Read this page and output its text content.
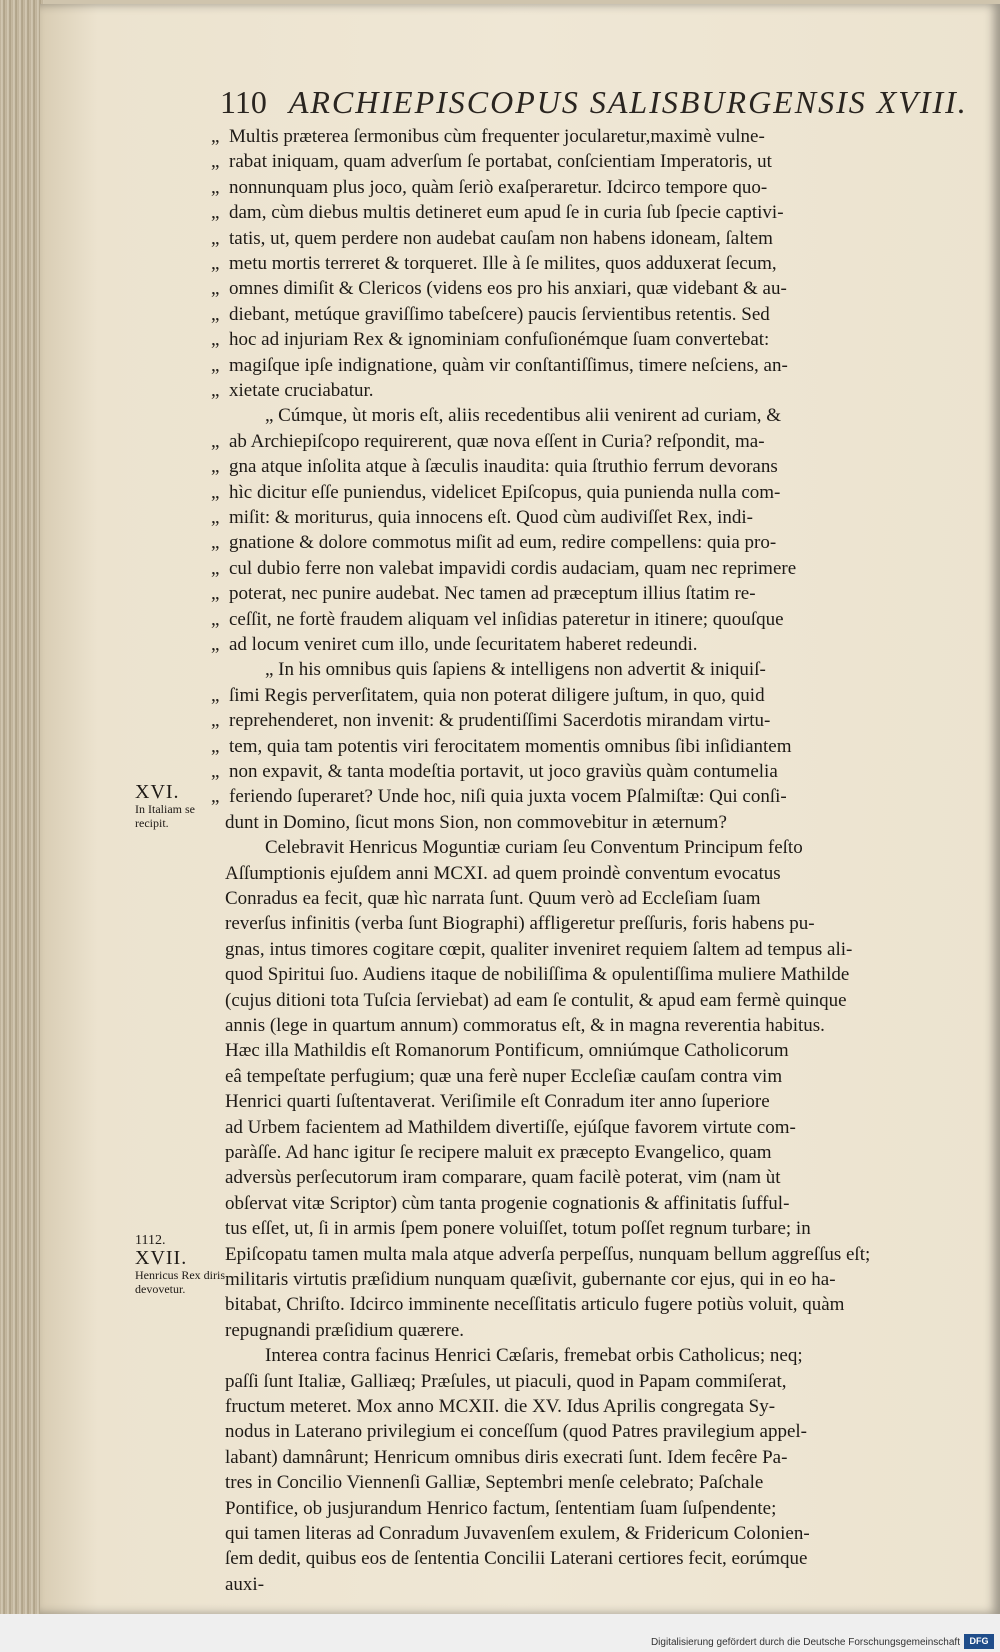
110 ARCHIEPISCOPUS SALISBURGENSIS XVIII.
XVI.
In Italiam se recipit.
1112.
XVII.
Henricus Rex diris devovetur.
„ Multis præterea ſermonibus cùm frequenter jocularetur,maximè vulne-
„ rabat iniquam, quam adverſum ſe portabat, conſcientiam Imperatoris, ut
„ nonnunquam plus joco, quàm ſeriò exaſperaretur. Idcirco tempore quo-
„ dam, cùm diebus multis detineret eum apud ſe in curia ſub ſpecie captivi-
„ tatis, ut, quem perdere non audebat cauſam non habens idoneam, ſaltem
„ metu mortis terreret & torqueret. Ille à ſe milites, quos adduxerat ſecum,
„ omnes dimiſit & Clericos (videns eos pro his anxiari, quæ videbant & au-
„ diebant, metúque graviſſimo tabeſcere) paucis ſervientibus retentis. Sed
„ hoc ad injuriam Rex & ignominiam confuſionémque ſuam convertebat:
„ magiſque ipſe indignatione, quàm vir conſtantiſſimus, timere neſciens, an-
„ xietate cruciabatur.
„ Cúmque, ùt moris eſt, aliis recedentibus alii venirent ad curiam, &
„ ab Archiepiſcopo requirerent, quæ nova eſſent in Curia? reſpondit, ma-
„ gna atque inſolita atque à ſæculis inaudita: quia ſtruthio ferrum devorans
„ hìc dicitur eſſe puniendus, videlicet Epiſcopus, quia punienda nulla com-
„ miſit: & moriturus, quia innocens eſt. Quod cùm audiviſſet Rex, indi-
„ gnatione & dolore commotus miſit ad eum, redire compellens: quia pro-
„ cul dubio ferre non valebat impavidi cordis audaciam, quam nec reprimere
„ poterat, nec punire audebat. Nec tamen ad præceptum illius ſtatim re-
„ ceſſit, ne fortè fraudem aliquam vel inſidias pateretur in itinere; quouſque
„ ad locum veniret cum illo, unde ſecuritatem haberet redeundi.
„ In his omnibus quis ſapiens & intelligens non advertit & iniquiſ-
„ ſimi Regis perverſitatem, quia non poterat diligere juſtum, in quo, quid
„ reprehenderet, non invenit: & prudentiſſimi Sacerdotis mirandam virtu-
„ tem, quia tam potentis viri ferocitatem momentis omnibus ſibi inſidiantem
„ non expavit, & tanta modeſtia portavit, ut joco graviùs quàm contumelia
„ feriendo ſuperaret? Unde hoc, niſi quia juxta vocem Pſalmiſtæ: Qui conſi-
dunt in Domino, ſicut mons Sion, non commovebitur in æternum?
Celebravit Henricus Moguntiæ curiam ſeu Conventum Principum feſto
Aſſumptionis ejuſdem anni MCXI. ad quem proindè conventum evocatus
Conradus ea fecit, quæ hìc narrata ſunt. Quum verò ad Eccleſiam ſuam
reverſus infinitis (verba ſunt Biographi) affligeretur preſſuris, foris habens pu-
gnas, intus timores cogitare cœpit, qualiter inveniret requiem ſaltem ad tempus ali-
quod Spiritui ſuo. Audiens itaque de nobiliſſima & opulentiſſima muliere Mathilde
(cujus ditioni tota Tuſcia ſerviebat) ad eam ſe contulit, & apud eam fermè quinque
annis (lege in quartum annum) commoratus eſt, & in magna reverentia habitus.
Hæc illa Mathildis eſt Romanorum Pontificum, omniúmque Catholicorum
eâ tempeſtate perfugium; quæ una ferè nuper Eccleſiæ cauſam contra vim
Henrici quarti ſuſtentaverat. Veriſimile eſt Conradum iter anno ſuperiore
ad Urbem facientem ad Mathildem divertiſſe, ejúſque favorem virtute com-
paràſſe. Ad hanc igitur ſe recipere maluit ex præcepto Evangelico, quam
adversùs perſecutorum iram comparare, quam facilè poterat, vim (nam ùt
obſervat vitæ Scriptor) cùm tanta progenie cognationis & affinitatis ſufful-
tus eſſet, ut, ſi in armis ſpem ponere voluiſſet, totum poſſet regnum turbare; in
Epiſcopatu tamen multa mala atque adverſa perpeſſus, nunquam bellum aggreſſus eſt;
militaris virtutis præſidium nunquam quæſivit, gubernante cor ejus, qui in eo ha-
bitabat, Chriſto. Idcirco imminente neceſſitatis articulo fugere potiùs voluit, quàm
repugnandi præſidium quærere.
Interea contra facinus Henrici Cæſaris, fremebat orbis Catholicus; neq;
paſſi ſunt Italiæ, Galliæq; Præſules, ut piaculi, quod in Papam commiſerat,
fructum meteret. Mox anno MCXII. die XV. Idus Aprilis congregata Sy-
nodus in Laterano privilegium ei conceſſum (quod Patres pravilegium appel-
labant) damnârunt; Henricum omnibus diris execrati ſunt. Idem fecêre Pa-
tres in Concilio Viennenſi Galliæ, Septembri menſe celebrato; Paſchale
Pontifice, ob jusjurandum Henrico factum, ſententiam ſuam ſuſpendente;
qui tamen literas ad Conradum Juvavenſem exulem, & Fridericum Colonien-
ſem dedit, quibus eos de ſententia Concilii Laterani certiores fecit, eorúmque
auxi-
Digitalisierung gefördert durch die Deutsche Forschungsgemeinschaft	DFG
